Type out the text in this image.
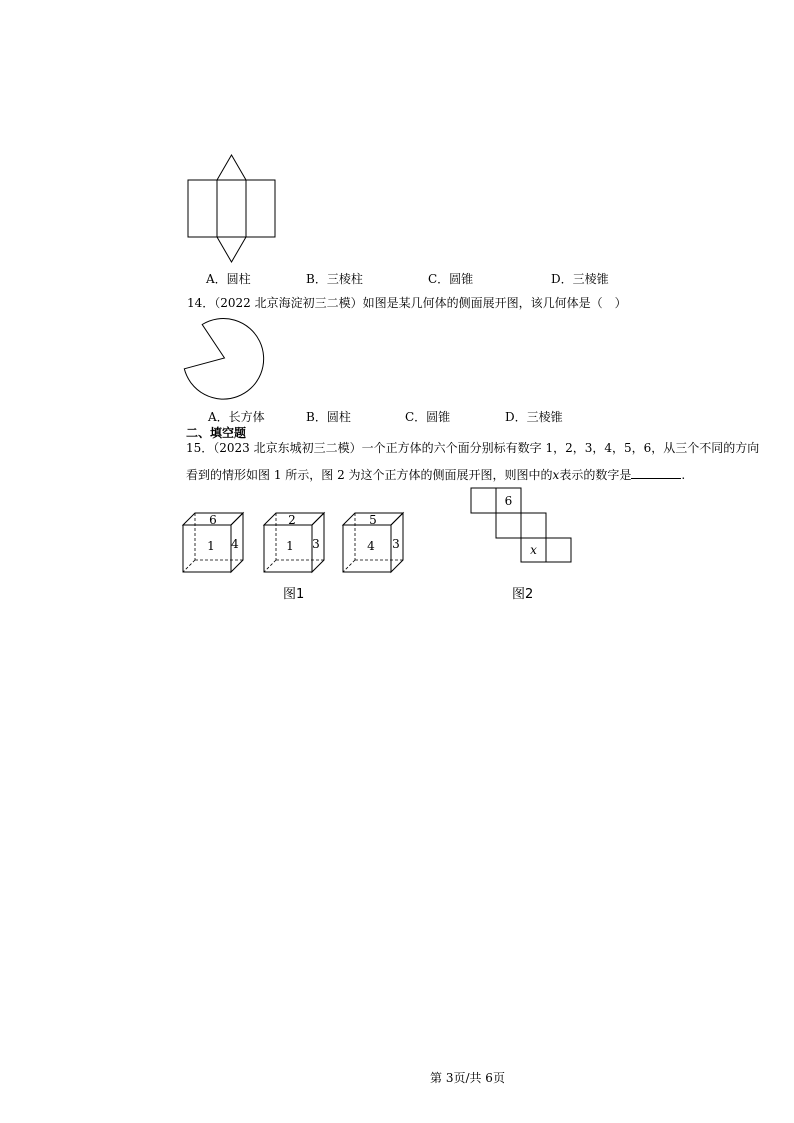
A．圆柱	B．三棱柱	C．圆锥	D．三棱锥
14．（2022 北京海淀初三二模）如图是某几何体的侧面展开图，该几何体是（　）
A．长方体	B．圆柱	C．圆锥	D．三棱锥
二、填空题
15．（2023 北京东城初三二模）一个正方体的六个面分别标有数字 1，2，3，4，5，6，从三个不同的方向
看到的情形如图 1 所示，图 2 为这个正方体的侧面展开图，则图中的x表示的数字是	.
6
1 4
2
1 3
5
4 3
6
x
图1	图2
第 3页/共 6页
